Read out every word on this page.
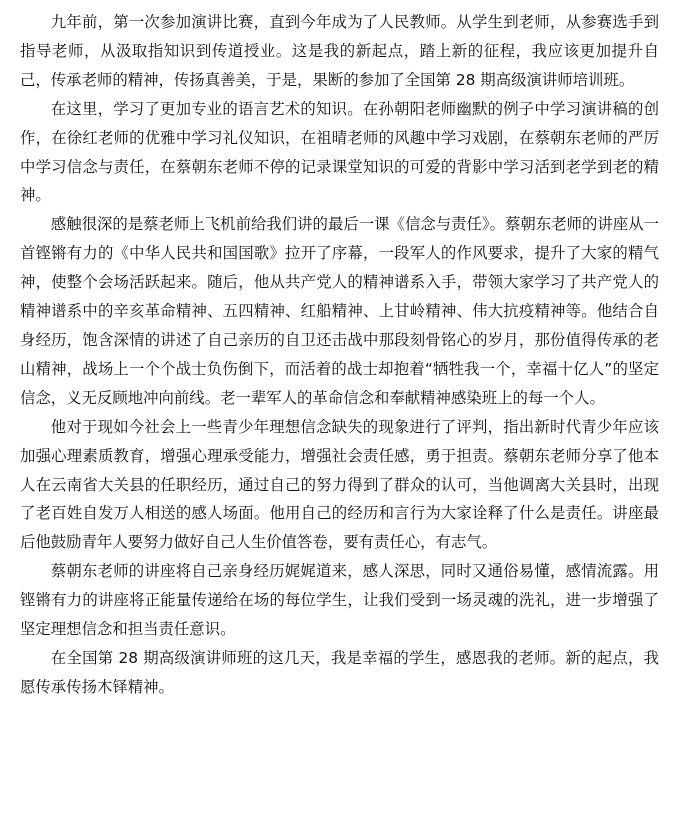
九年前，第一次参加演讲比赛，直到今年成为了人民教师。从学生到老师，从参赛选手到指导老师，从汲取指知识到传道授业。这是我的新起点，踏上新的征程，我应该更加提升自己，传承老师的精神，传扬真善美，于是，果断的参加了全国第 28 期高级演讲师培训班。

在这里，学习了更加专业的语言艺术的知识。在孙朝阳老师幽默的例子中学习演讲稿的创作，在徐红老师的优雅中学习礼仪知识，在祖晴老师的风趣中学习戏剧，在蔡朝东老师的严厉中学习信念与责任，在蔡朝东老师不停的记录课堂知识的可爱的背影中学习活到老学到老的精神。

感触很深的是蔡老师上飞机前给我们讲的最后一课《信念与责任》。蔡朝东老师的讲座从一首铿锵有力的《中华人民共和国国歌》拉开了序幕，一段军人的作风要求，提升了大家的精气神，使整个会场活跃起来。随后，他从共产党人的精神谱系入手，带领大家学习了共产党人的精神谱系中的辛亥革命精神、五四精神、红船精神、上甘岭精神、伟大抗疫精神等。他结合自身经历，饱含深情的讲述了自己亲历的自卫还击战中那段刻骨铭心的岁月，那份值得传承的老山精神，战场上一个个战士负伤倒下，而活着的战士却抱着“牺牲我一个，幸福十亿人”的坚定信念，义无反顾地冲向前线。老一辈军人的革命信念和奉献精神感染班上的每一个人。

他对于现如今社会上一些青少年理想信念缺失的现象进行了评判，指出新时代青少年应该加强心理素质教育，增强心理承受能力，增强社会责任感，勇于担责。蔡朝东老师分享了他本人在云南省大关县的任职经历，通过自己的努力得到了群众的认可，当他调离大关县时，出现了老百姓自发万人相送的感人场面。他用自己的经历和言行为大家诠释了什么是责任。讲座最后他鼓励青年人要努力做好自己人生价值答卷，要有责任心，有志气。

蔡朝东老师的讲座将自己亲身经历娓娓道来，感人深思，同时又通俗易懂，感情流露。用铿锵有力的讲座将正能量传递给在场的每位学生，让我们受到一场灵魂的洗礼，进一步增强了坚定理想信念和担当责任意识。

在全国第 28 期高级演讲师班的这几天，我是幸福的学生，感恩我的老师。新的起点，我愿传承传扬木铎精神。
